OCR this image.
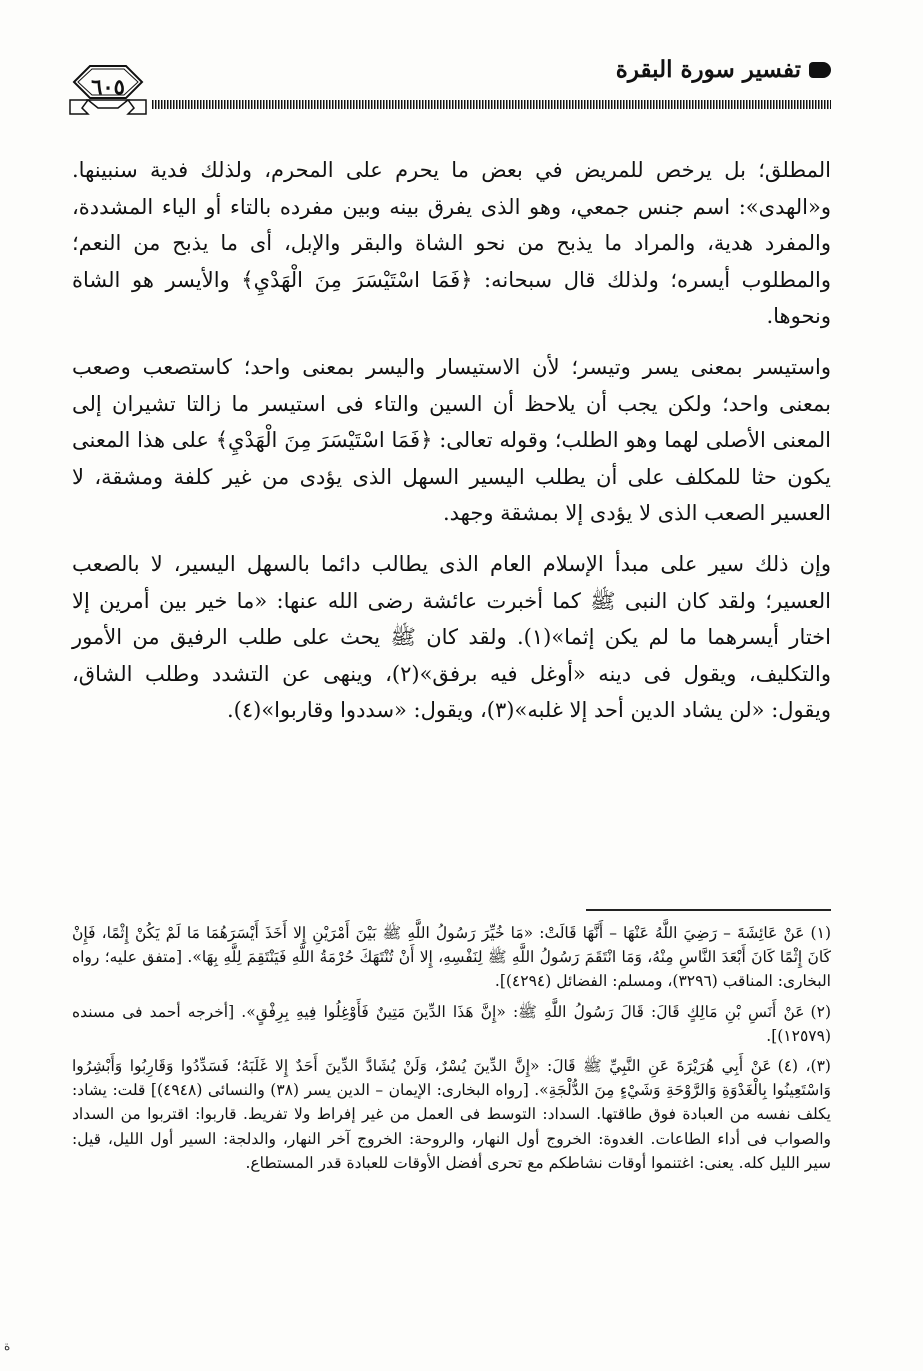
تفسير سورة البقرة
٦٠٥

المطلق؛ بل يرخص للمريض في بعض ما يحرم على المحرم، ولذلك فدية سنبينها. و«الهدى»: اسم جنس جمعي، وهو الذى يفرق بينه وبين مفرده بالتاء أو الياء المشددة، والمفرد هدية، والمراد ما يذبح من نحو الشاة والبقر والإبل، أى ما يذبح من النعم؛ والمطلوب أيسره؛ ولذلك قال سبحانه: ﴿فَمَا اسْتَيْسَرَ مِنَ الْهَدْيِ﴾ والأيسر هو الشاة ونحوها.

واستيسر بمعنى يسر وتيسر؛ لأن الاستيسار واليسر بمعنى واحد؛ كاستصعب وصعب بمعنى واحد؛ ولكن يجب أن يلاحظ أن السين والتاء فى استيسر ما زالتا تشيران إلى المعنى الأصلى لهما وهو الطلب؛ وقوله تعالى: ﴿فَمَا اسْتَيْسَرَ مِنَ الْهَدْيِ﴾ على هذا المعنى يكون حثا للمكلف على أن يطلب اليسير السهل الذى يؤدى من غير كلفة ومشقة، لا العسير الصعب الذى لا يؤدى إلا بمشقة وجهد.

وإن ذلك سير على مبدأ الإسلام العام الذى يطالب دائما بالسهل اليسير، لا بالصعب العسير؛ ولقد كان النبى ﷺ كما أخبرت عائشة رضى الله عنها: «ما خير بين أمرين إلا اختار أيسرهما ما لم يكن إثما»(١). ولقد كان ﷺ يحث على طلب الرفيق من الأمور والتكليف، ويقول فى دينه «أوغل فيه برفق»(٢)، وينهى عن التشدد وطلب الشاق، ويقول: «لن يشاد الدين أحد إلا غلبه»(٣)، ويقول: «سددوا وقاربوا»(٤).

(١)عَنْ عَائِشَةَ – رَضِيَ اللَّهُ عَنْهَا – أَنَّهَا قَالَتْ: «مَا خُيِّرَ رَسُولُ اللَّهِ ﷺ بَيْنَ أَمْرَيْنِ إِلا أَخَذَ أَيْسَرَهُمَا مَا لَمْ يَكُنْ إِثْمًا، فَإِنْ كَانَ إِثْمًا كَانَ أَبْعَدَ النَّاسِ مِنْهُ، وَمَا انْتَقَمَ رَسُولُ اللَّهِ ﷺ لِنَفْسِهِ، إِلا أَنْ تُنْتَهَكَ حُرْمَةُ اللَّهِ فَيَنْتَقِمَ لِلَّهِ بِهَا». [متفق عليه؛ رواه البخارى: المناقب (٣٢٩٦)، ومسلم: الفضائل (٤٢٩٤)].

(٢)عَنْ أَنَسِ بْنِ مَالِكٍ قَالَ: قَالَ رَسُولُ اللَّهِ ﷺ: «إِنَّ هَذَا الدِّينَ مَتِينٌ فَأَوْغِلُوا فِيهِ بِرِفْقٍ». [أخرجه أحمد فى مسنده (١٢٥٧٩)].

(٣)، (٤)عَنْ أَبِي هُرَيْرَةَ عَنِ النَّبِيِّ ﷺ قَالَ: «إِنَّ الدِّينَ يُسْرٌ، وَلَنْ يُشَادَّ الدِّينَ أَحَدٌ إِلا غَلَبَهُ؛ فَسَدِّدُوا وَقَارِبُوا وَأَبْشِرُوا وَاسْتَعِينُوا بِالْغَدْوَةِ وَالرَّوْحَةِ وَشَيْءٍ مِنَ الدُّلْجَةِ». [رواه البخارى: الإيمان – الدين يسر (٣٨) والنسائى (٤٩٤٨)] قلت: يشاد: يكلف نفسه من العبادة فوق طاقتها. السداد: التوسط فى العمل من غير إفراط ولا تفريط. قاربوا: اقتربوا من السداد والصواب فى أداء الطاعات. الغدوة: الخروج أول النهار، والروحة: الخروج آخر النهار، والدلجة: السير أول الليل، قيل: سير الليل كله. يعنى: اغتنموا أوقات نشاطكم مع تحرى أفضل الأوقات للعبادة قدر المستطاع.

ة
